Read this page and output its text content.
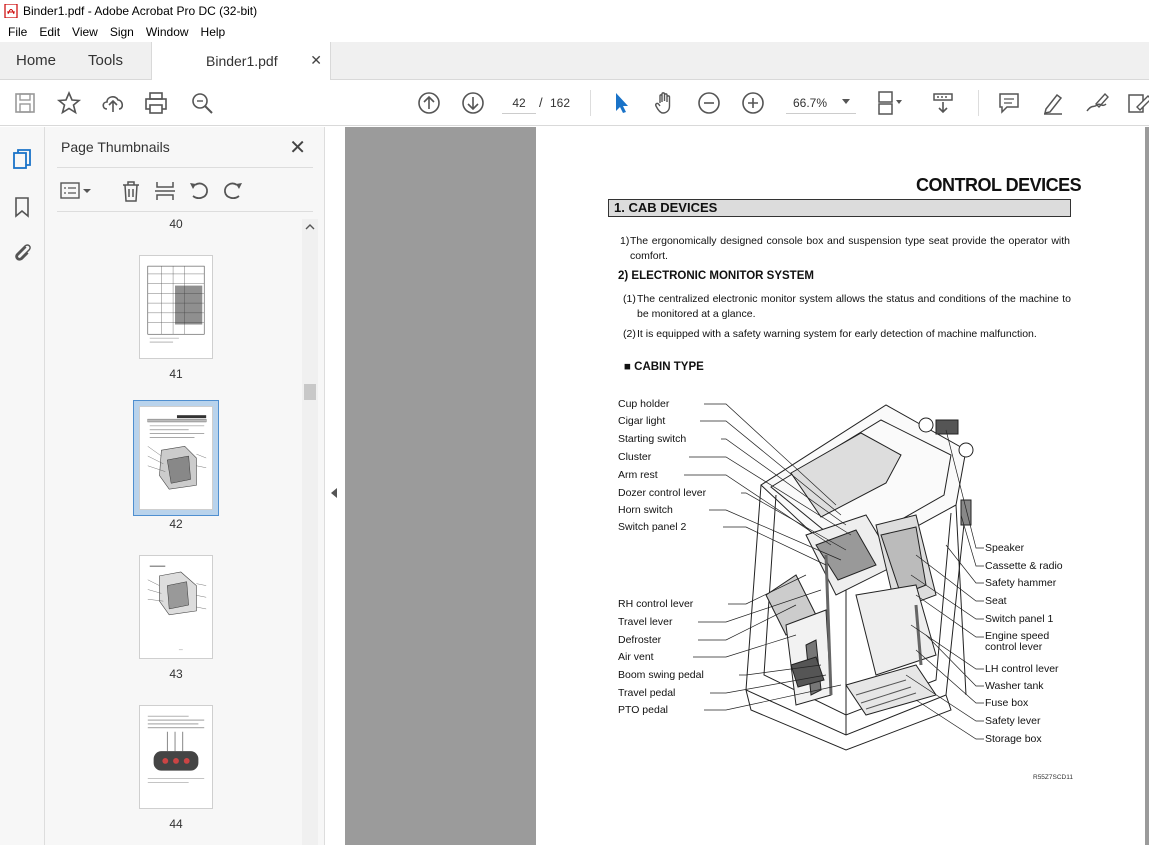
Binder1.pdf - Adobe Acrobat Pro DC (32-bit)
File Edit View Sign Window Help
Home Tools	Binder1.pdf ✕
42
/ 162	66.7%
Page Thumbnails	✕
40
41
42
43
44
CONTROL DEVICES
1. CAB DEVICES
1) The ergonomically designed console box and suspension type seat provide the operator with comfort.
2) ELECTRONIC MONITOR SYSTEM
(1) The centralized electronic monitor system allows the status and conditions of the machine to be monitored at a glance.
(2) It is equipped with a safety warning system for early detection of machine malfunction.
■ CABIN TYPE
Cup holder
Cigar light
Starting switch
Cluster
Arm rest
Dozer control lever
Horn switch
Switch panel 2
RH control lever
Travel lever
Defroster
Air vent
Boom swing pedal
Travel pedal
PTO pedal
Speaker
Cassette & radio
Safety hammer
Seat
Switch panel 1
Engine speed control lever
LH control lever
Washer tank
Fuse box
Safety lever
Storage box
R55Z7SCD11
